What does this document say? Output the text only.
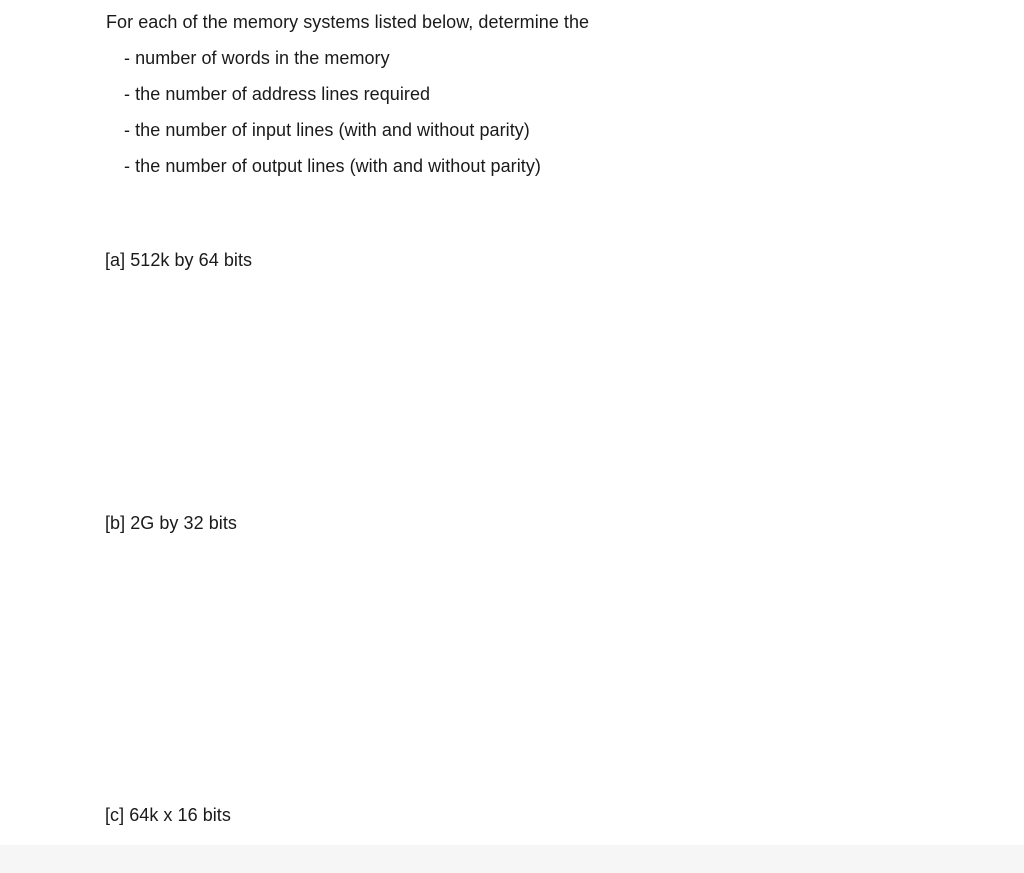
For each of the memory systems listed below, determine the
- number of words in the memory
- the number of address lines required
- the number of input lines (with and without parity)
- the number of output lines (with and without parity)
[a] 512k by 64 bits
[b] 2G by 32 bits
[c] 64k x 16 bits
